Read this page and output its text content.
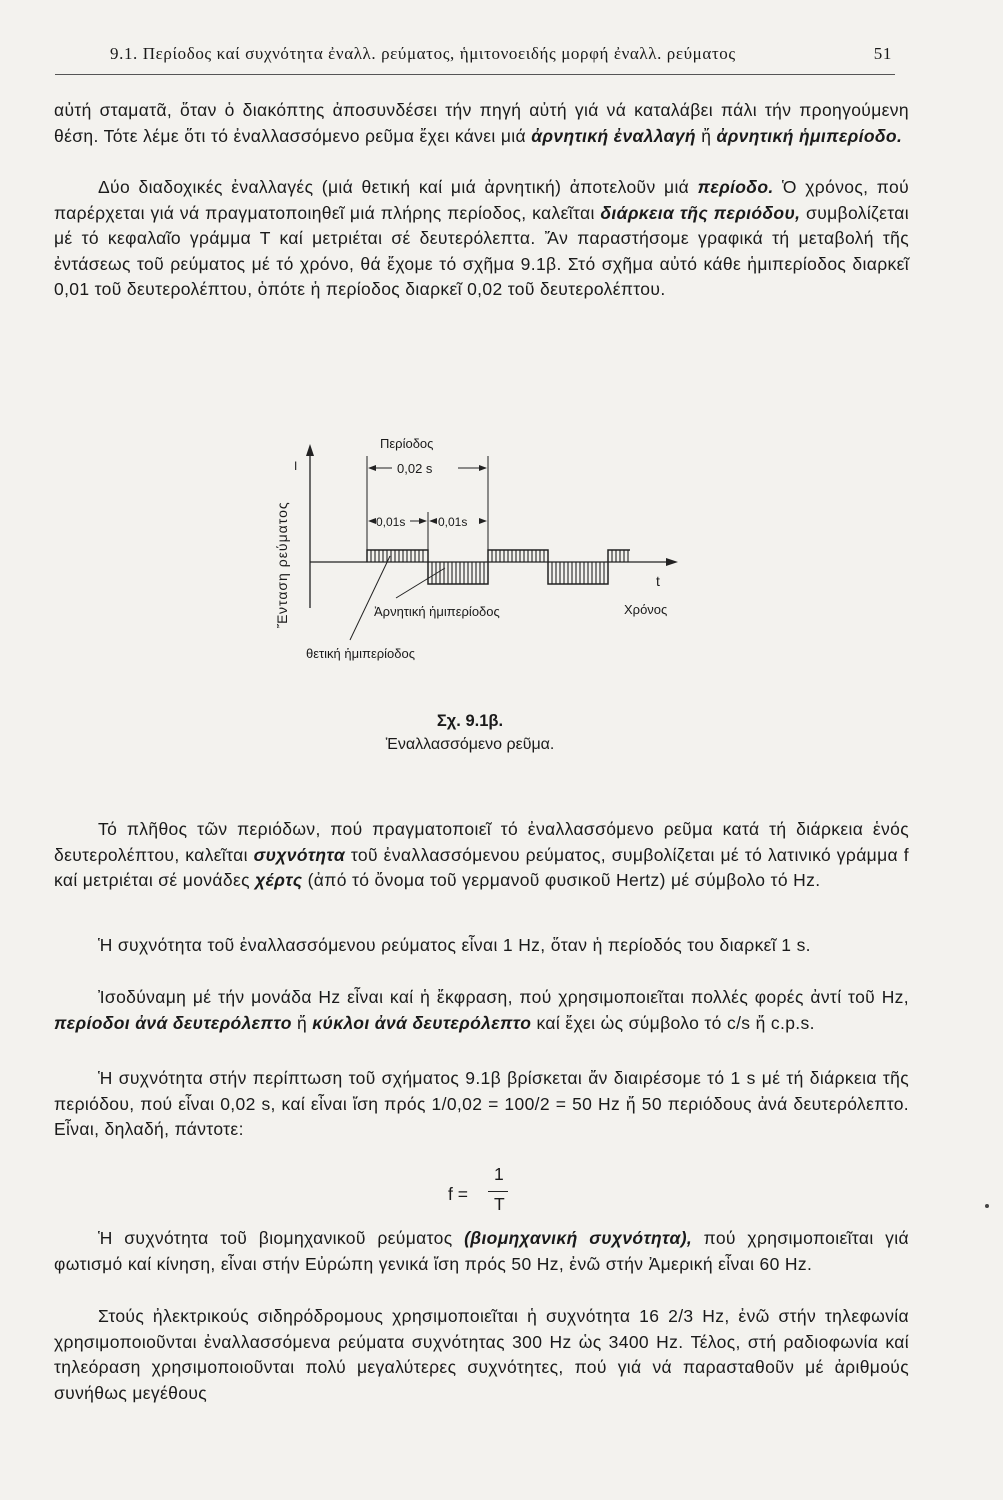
9.1. Περίοδος καί συχνότητα ἐναλλ. ρεύματος, ἡμιτονοειδής μορφή ἐναλλ. ρεύματος	51

αὐτή σταματᾶ, ὅταν ὁ διακόπτης ἀποσυνδέσει τήν πηγή αὐτή γιά νά καταλάβει πάλι τήν προηγούμενη θέση. Τότε λέμε ὅτι τό ἐναλλασσόμενο ρεῦμα ἔχει κάνει μιά ἀρνητική ἐναλλαγή ἤ ἀρνητική ἡμιπερίοδο.

Δύο διαδοχικές ἐναλλαγές (μιά θετική καί μιά ἀρνητική) ἀποτελοῦν μιά περίοδο. Ὁ χρόνος, πού παρέρχεται γιά νά πραγματοποιηθεῖ μιά πλήρης περίοδος, καλεῖται διάρκεια τῆς περιόδου, συμβολίζεται μέ τό κεφαλαῖο γράμμα Τ καί μετριέται σέ δευτερόλεπτα. Ἄν παραστήσομε γραφικά τή μεταβολή τῆς ἐντάσεως τοῦ ρεύματος μέ τό χρόνο, θά ἔχομε τό σχῆμα 9.1β. Στό σχῆμα αὐτό κάθε ἡμιπερίοδος διαρκεῖ 0,01 τοῦ δευτερολέπτου, ὁπότε ἡ περίοδος διαρκεῖ 0,02 τοῦ δευτερολέπτου.

Ἔνταση ρεύματος
I
Περίοδος
0,02 s
0,01s	0,01s
t
Χρόνος
Ἀρνητική ἡμιπερίοδος
θετική ἡμιπερίοδος
Σχ. 9.1β.
Ἐναλλασσόμενο ρεῦμα.

Τό πλῆθος τῶν περιόδων, πού πραγματοποιεῖ τό ἐναλλασσόμενο ρεῦμα κατά τή διάρκεια ἑνός δευτερολέπτου, καλεῖται συχνότητα τοῦ ἐναλλασσόμενου ρεύματος, συμβολίζεται μέ τό λατινικό γράμμα f καί μετριέται σέ μονάδες χέρτς (ἀπό τό ὄνομα τοῦ γερμανοῦ φυσικοῦ Hertz) μέ σύμβολο τό Hz.

Ἡ συχνότητα τοῦ ἐναλλασσόμενου ρεύματος εἶναι 1 Hz, ὅταν ἡ περίοδός του διαρκεῖ 1 s.

Ἰσοδύναμη μέ τήν μονάδα Hz εἶναι καί ἡ ἔκφραση, πού χρησιμοποιεῖται πολλές φορές ἀντί τοῦ Hz, περίοδοι ἀνά δευτερόλεπτο ἤ κύκλοι ἀνά δευτερόλεπτο καί ἔχει ὡς σύμβολο τό c/s ἤ c.p.s.

Ἡ συχνότητα στήν περίπτωση τοῦ σχήματος 9.1β βρίσκεται ἄν διαιρέσομε τό 1 s μέ τή διάρκεια τῆς περιόδου, πού εἶναι 0,02 s, καί εἶναι ἴση πρός 1/0,02 = 100/2 = 50 Hz ἤ 50 περιόδους ἀνά δευτερόλεπτο. Εἶναι, δηλαδή, πάντοτε:

f =
1
T

Ἡ συχνότητα τοῦ βιομηχανικοῦ ρεύματος (βιομηχανική συχνότητα), πού χρησιμοποιεῖται γιά φωτισμό καί κίνηση, εἶναι στήν Εὐρώπη γενικά ἴση πρός 50 Hz, ἐνῶ στήν Ἀμερική εἶναι 60 Hz.

Στούς ἠλεκτρικούς σιδηρόδρομους χρησιμοποιεῖται ἡ συχνότητα 16 2/3 Hz, ἐνῶ στήν τηλεφωνία χρησιμοποιοῦνται ἐναλλασσόμενα ρεύματα συχνότητας 300 Hz ὡς 3400 Hz. Τέλος, στή ραδιοφωνία καί τηλεόραση χρησιμοποιοῦνται πολύ μεγαλύτερες συχνότητες, πού γιά νά παρασταθοῦν μέ ἀριθμούς συνήθως μεγέθους
